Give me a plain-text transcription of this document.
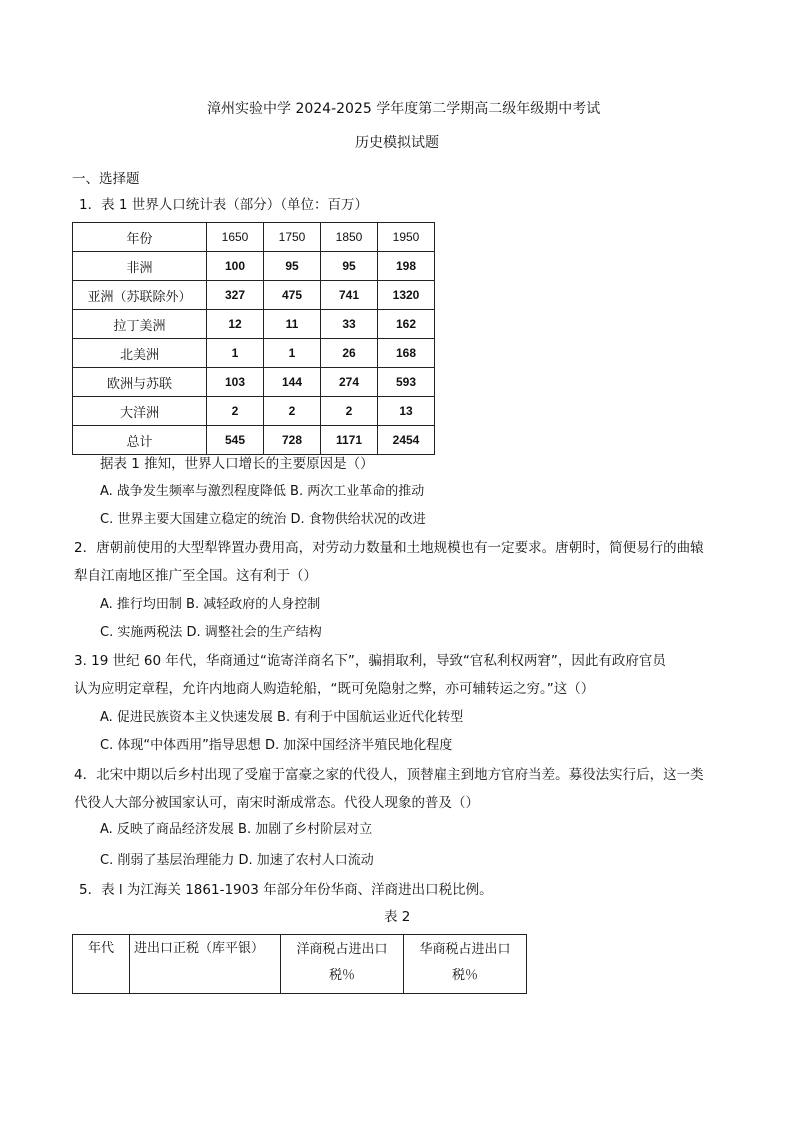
漳州实验中学 2024-2025 学年度第二学期高二级年级期中考试
历史模拟试题
一、选择题
1．表 1 世界人口统计表（部分）（单位：百万）
年份	1650	1750	1850	1950
非洲	100	95	95	198
亚洲（苏联除外）	327	475	741	1320
拉丁美洲	12	11	33	162
北美洲	1	1	26	168
欧洲与苏联	103	144	274	593
大洋洲	2	2	2	13
总计	545	728	1171	2454
据表 1 推知，世界人口增长的主要原因是（）
A. 战争发生频率与激烈程度降低 B. 两次工业革命的推动
C. 世界主要大国建立稳定的统治 D. 食物供给状况的改进
2．唐朝前使用的大型犁铧置办费用高，对劳动力数量和土地规模也有一定要求。唐朝时，简便易行的曲辕
犁自江南地区推广至全国。这有利于（）
A. 推行均田制 B. 减轻政府的人身控制
C. 实施两税法 D. 调整社会的生产结构
3. 19 世纪 60 年代，华商通过“诡寄洋商名下”，骗捐取利，导致“官私利权两窘”，因此有政府官员
认为应明定章程，允许内地商人购造轮船，“既可免隐射之弊，亦可辅转运之穷。”这（）
A. 促进民族资本主义快速发展 B. 有利于中国航运业近代化转型
C. 体现“中体西用”指导思想 D. 加深中国经济半殖民地化程度
4．北宋中期以后乡村出现了受雇于富豪之家的代役人，顶替雇主到地方官府当差。募役法实行后，这一类
代役人大部分被国家认可，南宋时渐成常态。代役人现象的普及（）
A. 反映了商品经济发展 B. 加剧了乡村阶层对立
C. 削弱了基层治理能力 D. 加速了农村人口流动
5．表 l 为江海关 1861-1903 年部分年份华商、洋商进出口税比例。
表 2
年代	进出口正税（库平银）	洋商税占进出口税％	华商税占进出口税％
